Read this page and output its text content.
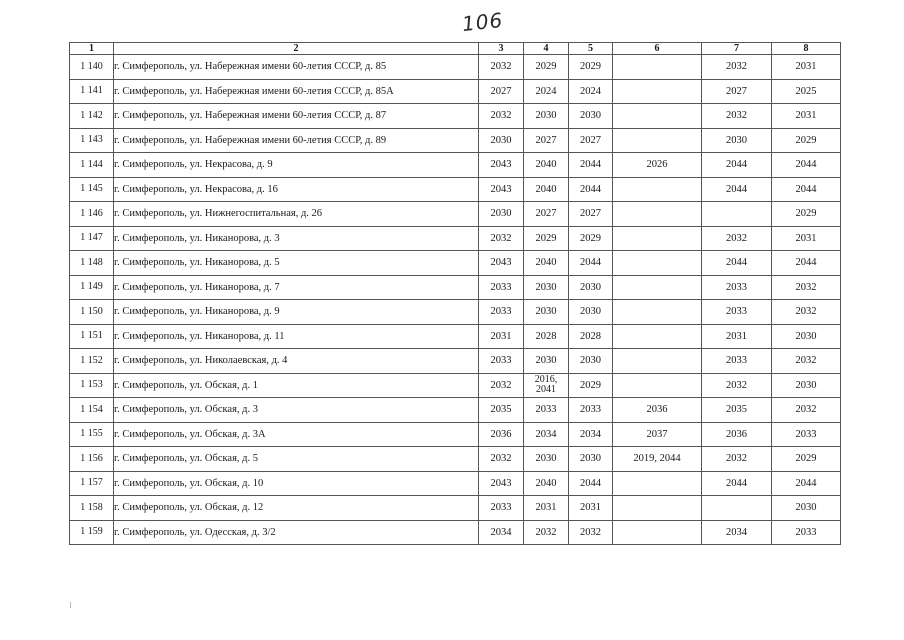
106
1	2	3	4	5	6	7	8
1 140	г. Симферополь, ул. Набережная имени 60-летия СССР, д. 85	2032	2029	2029		2032	2031
1 141	г. Симферополь, ул. Набережная имени 60-летия СССР, д. 85А	2027	2024	2024		2027	2025
1 142	г. Симферополь, ул. Набережная имени 60-летия СССР, д. 87	2032	2030	2030		2032	2031
1 143	г. Симферополь, ул. Набережная имени 60-летия СССР, д. 89	2030	2027	2027		2030	2029
1 144	г. Симферополь, ул. Некрасова, д. 9	2043	2040	2044	2026	2044	2044
1 145	г. Симферополь, ул. Некрасова, д. 16	2043	2040	2044		2044	2044
1 146	г. Симферополь, ул. Нижнегоспитальная, д. 26	2030	2027	2027			2029
1 147	г. Симферополь, ул. Никанорова, д. 3	2032	2029	2029		2032	2031
1 148	г. Симферополь, ул. Никанорова, д. 5	2043	2040	2044		2044	2044
1 149	г. Симферополь, ул. Никанорова, д. 7	2033	2030	2030		2033	2032
1 150	г. Симферополь, ул. Никанорова, д. 9	2033	2030	2030		2033	2032
1 151	г. Симферополь, ул. Никанорова, д. 11	2031	2028	2028		2031	2030
1 152	г. Симферополь, ул. Николаевская, д. 4	2033	2030	2030		2033	2032
1 153	г. Симферополь, ул. Обская, д. 1	2032	2016, 2041	2029		2032	2030
1 154	г. Симферополь, ул. Обская, д. 3	2035	2033	2033	2036	2035	2032
1 155	г. Симферополь, ул. Обская, д. 3А	2036	2034	2034	2037	2036	2033
1 156	г. Симферополь, ул. Обская, д. 5	2032	2030	2030	2019, 2044	2032	2029
1 157	г. Симферополь, ул. Обская, д. 10	2043	2040	2044		2044	2044
1 158	г. Симферополь, ул. Обская, д. 12	2033	2031	2031			2030
1 159	г. Симферополь, ул. Одесская, д. 3/2	2034	2032	2032		2034	2033
